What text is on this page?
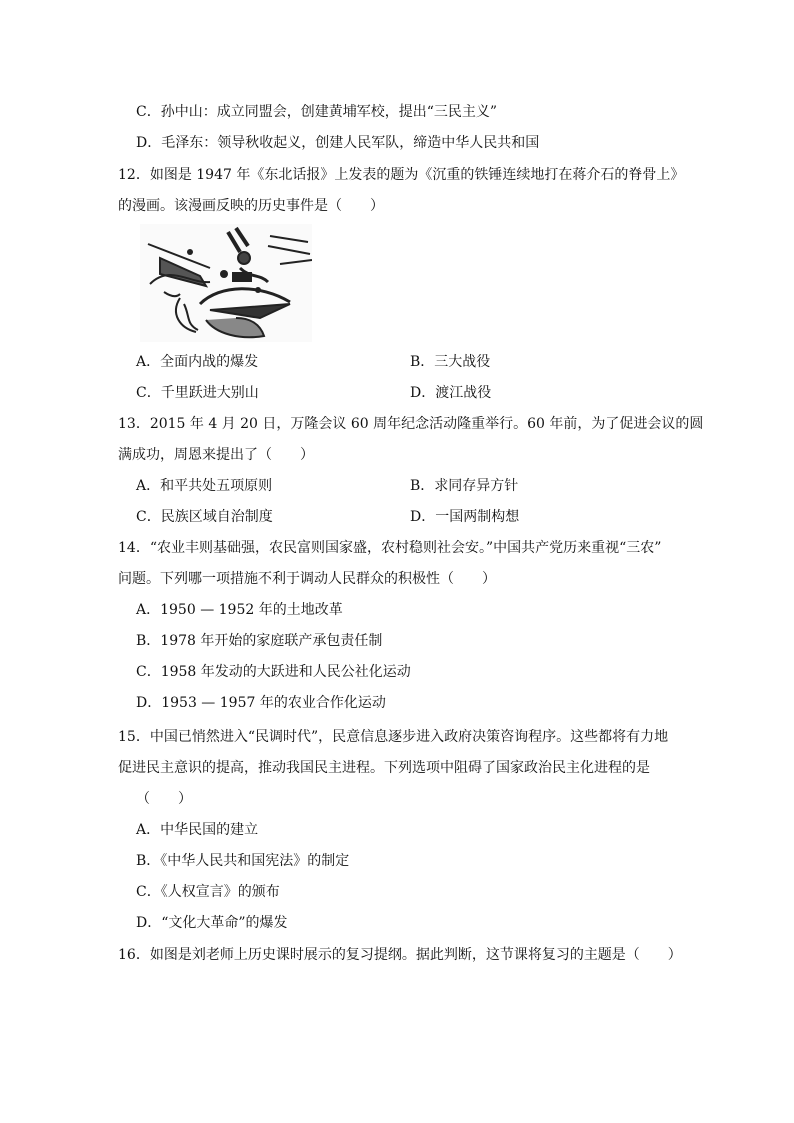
C．孙中山：成立同盟会，创建黄埔军校，提出“三民主义”
D．毛泽东：领导秋收起义，创建人民军队，缔造中华人民共和国
12．如图是 1947 年《东北话报》上发表的题为《沉重的铁锤连续地打在蒋介石的脊骨上》
的漫画。该漫画反映的历史事件是（　　）
A．全面内战的爆发	B．三大战役
C．千里跃进大别山	D．渡江战役
13．2015 年 4 月 20 日，万隆会议 60 周年纪念活动隆重举行。60 年前，为了促进会议的圆
满成功，周恩来提出了（　　）
A．和平共处五项原则	B．求同存异方针
C．民族区域自治制度	D．一国两制构想
14．“农业丰则基础强，农民富则国家盛，农村稳则社会安。”中国共产党历来重视“三农”
问题。下列哪一项措施不利于调动人民群众的积极性（　　）
A．1950 — 1952 年的土地改革
B．1978 年开始的家庭联产承包责任制
C．1958 年发动的大跃进和人民公社化运动
D．1953 — 1957 年的农业合作化运动
15．中国已悄然进入“民调时代”，民意信息逐步进入政府决策咨询程序。这些都将有力地
促进民主意识的提高，推动我国民主进程。下列选项中阻碍了国家政治民主化进程的是
（　　）
A．中华民国的建立
B．《中华人民共和国宪法》的制定
C．《人权宣言》的颁布
D．“文化大革命”的爆发
16．如图是刘老师上历史课时展示的复习提纲。据此判断，这节课将复习的主题是（　　）
